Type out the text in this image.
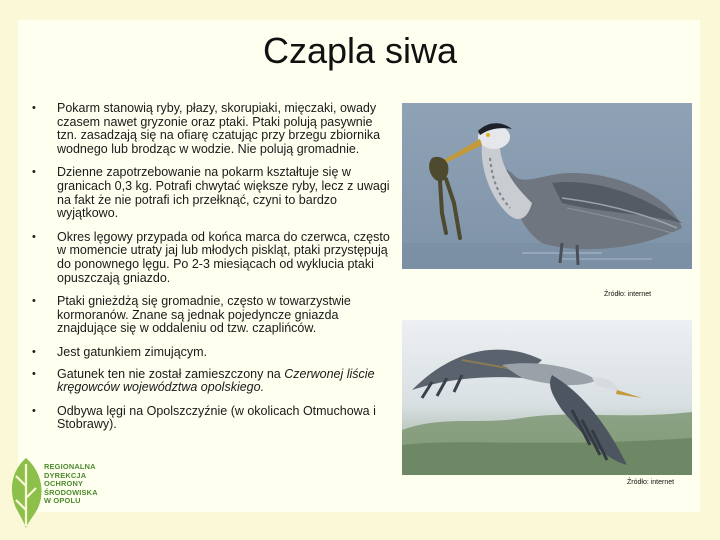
Czapla siwa
• Pokarm stanowią ryby, płazy, skorupiaki, mięczaki, owady czasem nawet gryzonie oraz ptaki. Ptaki polują pasywnie tzn. zasadzają się na ofiarę czatując przy brzegu zbiornika wodnego lub brodząc w wodzie. Nie polują gromadnie.
• Dzienne zapotrzebowanie na pokarm kształtuje się w granicach 0,3 kg. Potrafi chwytać większe ryby, lecz z uwagi na fakt że nie potrafi ich przełknąć, czyni to bardzo wyjątkowo.
• Okres lęgowy przypada od końca marca do czerwca, często w momencie utraty jaj lub młodych piskląt, ptaki przystępują do ponownego lęgu. Po 2-3 miesiącach od wyklucia ptaki opuszczają gniazdo.
• Ptaki gnieżdżą się gromadnie, często w towarzystwie kormoranów. Znane są jednak pojedyncze gniazda znajdujące się w oddaleniu od tzw. czaplińców.
• Jest gatunkiem zimującym.
• Gatunek ten nie został zamieszczony na Czerwonej liście kręgowców województwa opolskiego.
• Odbywa lęgi na Opolszczyźnie (w okolicach Otmuchowa i Stobrawy).
Źródło: internet
Źródło: internet
REGIONALNA
DYREKCJA
OCHRONY
ŚRODOWISKA
W OPOLU
